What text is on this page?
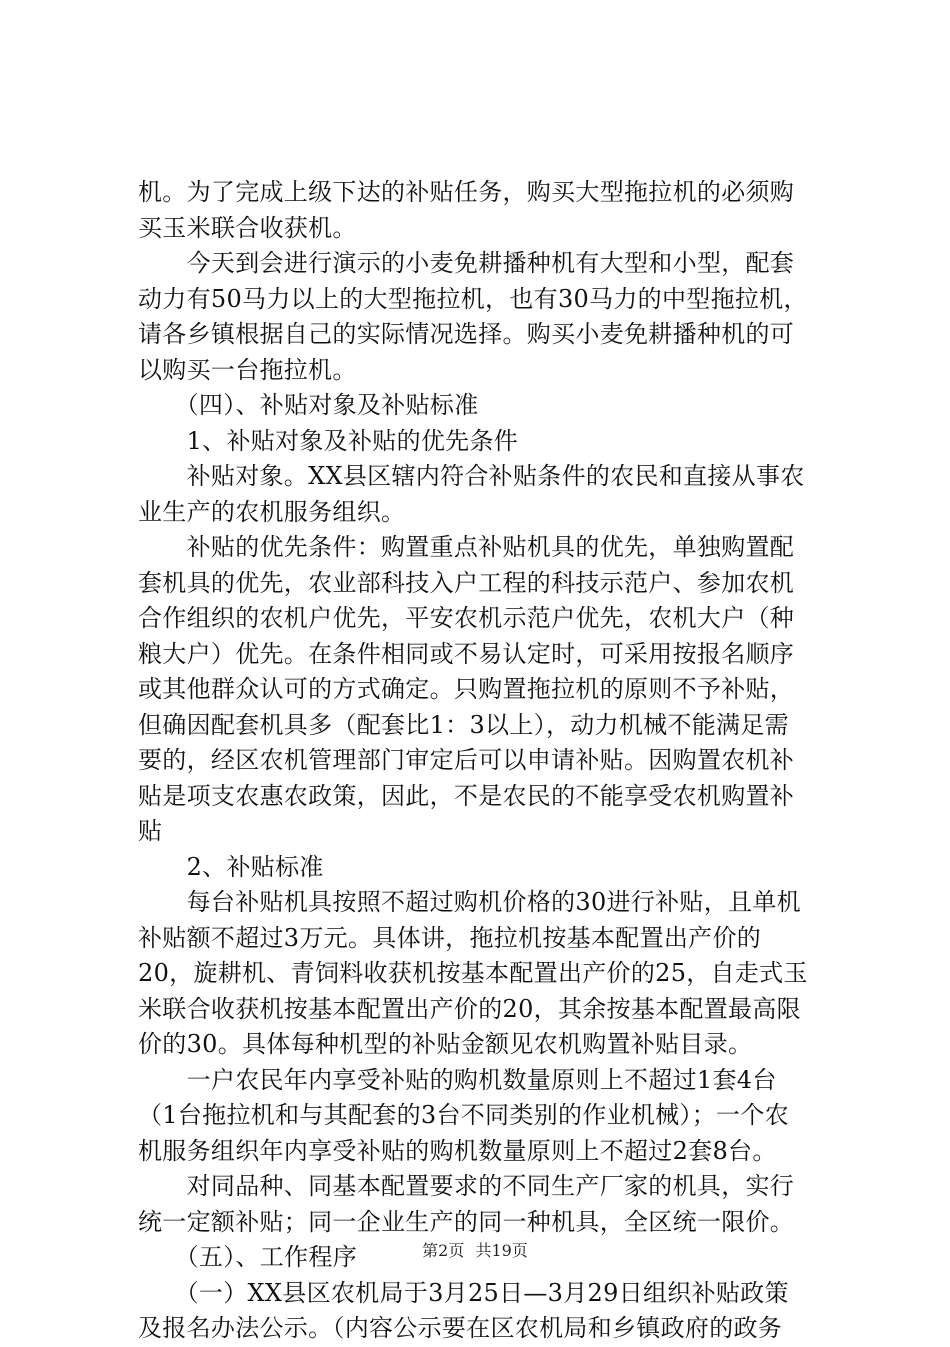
机。为了完成上级下达的补贴任务，购买大型拖拉机的必须购
买玉米联合收获机。
　　今天到会进行演示的小麦免耕播种机有大型和小型，配套
动力有50马力以上的大型拖拉机，也有30马力的中型拖拉机，
请各乡镇根据自己的实际情况选择。购买小麦免耕播种机的可
以购买一台拖拉机。
　　（四）、补贴对象及补贴标准
　　1、补贴对象及补贴的优先条件
　　补贴对象。XX县区辖内符合补贴条件的农民和直接从事农
业生产的农机服务组织。
　　补贴的优先条件：购置重点补贴机具的优先，单独购置配
套机具的优先，农业部科技入户工程的科技示范户、参加农机
合作组织的农机户优先，平安农机示范户优先，农机大户（种
粮大户）优先。在条件相同或不易认定时，可采用按报名顺序
或其他群众认可的方式确定。只购置拖拉机的原则不予补贴，
但确因配套机具多（配套比1：3以上），动力机械不能满足需
要的，经区农机管理部门审定后可以申请补贴。因购置农机补
贴是项支农惠农政策，因此，不是农民的不能享受农机购置补
贴
　　2、补贴标准
　　每台补贴机具按照不超过购机价格的30进行补贴，且单机
补贴额不超过3万元。具体讲，拖拉机按基本配置出产价的
20，旋耕机、青饲料收获机按基本配置出产价的25，自走式玉
米联合收获机按基本配置出产价的20，其余按基本配置最高限
价的30。具体每种机型的补贴金额见农机购置补贴目录。
　　一户农民年内享受补贴的购机数量原则上不超过1套4台
（1台拖拉机和与其配套的3台不同类别的作业机械）；一个农
机服务组织年内享受补贴的购机数量原则上不超过2套8台。
　　对同品种、同基本配置要求的不同生产厂家的机具，实行
统一定额补贴；同一企业生产的同一种机具，全区统一限价。
　　（五）、工作程序
　　（一）XX县区农机局于3月25日—3月29日组织补贴政策
及报名办法公示。（内容公示要在区农机局和乡镇政府的政务
第2页 共19页
